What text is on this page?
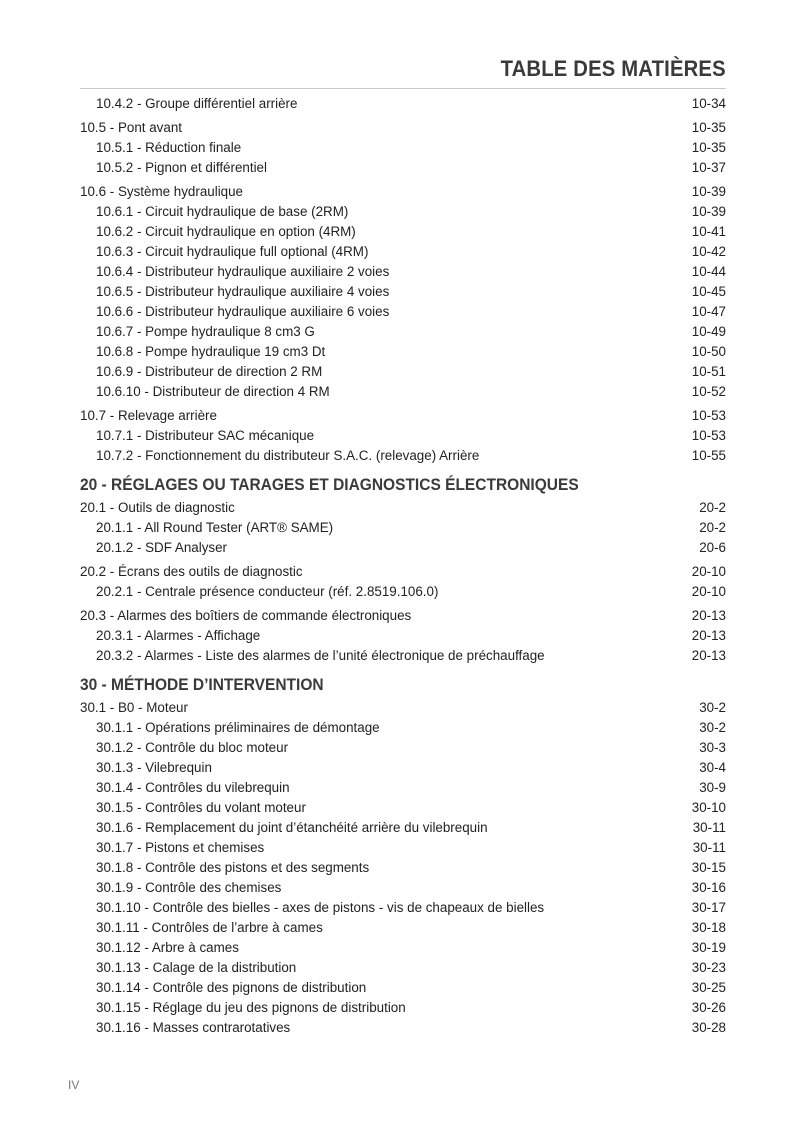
TABLE DES MATIÈRES
10.4.2 - Groupe différentiel arrière	10-34
10.5 - Pont avant	10-35
10.5.1 - Réduction finale	10-35
10.5.2 - Pignon et différentiel	10-37
10.6 - Système hydraulique	10-39
10.6.1 - Circuit hydraulique de base (2RM)	10-39
10.6.2 - Circuit hydraulique en option (4RM)	10-41
10.6.3 - Circuit hydraulique full optional (4RM)	10-42
10.6.4 - Distributeur hydraulique auxiliaire 2 voies	10-44
10.6.5 - Distributeur hydraulique auxiliaire 4 voies	10-45
10.6.6 - Distributeur hydraulique auxiliaire 6 voies	10-47
10.6.7 - Pompe hydraulique 8 cm3 G	10-49
10.6.8 - Pompe hydraulique 19 cm3 Dt	10-50
10.6.9 - Distributeur de direction 2 RM	10-51
10.6.10 - Distributeur de direction 4 RM	10-52
10.7 - Relevage arrière	10-53
10.7.1 - Distributeur SAC mécanique	10-53
10.7.2 - Fonctionnement du distributeur S.A.C. (relevage) Arrière	10-55
20 - RÉGLAGES OU TARAGES ET DIAGNOSTICS ÉLECTRONIQUES
20.1 - Outils de diagnostic	20-2
20.1.1 - All Round Tester (ART® SAME)	20-2
20.1.2 - SDF Analyser	20-6
20.2 - Écrans des outils de diagnostic	20-10
20.2.1 - Centrale présence conducteur (réf. 2.8519.106.0)	20-10
20.3 - Alarmes des boîtiers de commande électroniques	20-13
20.3.1 - Alarmes - Affichage	20-13
20.3.2 - Alarmes - Liste des alarmes de l’unité électronique de préchauffage	20-13
30 - MÉTHODE D’INTERVENTION
30.1 - B0 - Moteur	30-2
30.1.1 - Opérations préliminaires de démontage	30-2
30.1.2 - Contrôle du bloc moteur	30-3
30.1.3 - Vilebrequin	30-4
30.1.4 - Contrôles du vilebrequin	30-9
30.1.5 - Contrôles du volant moteur	30-10
30.1.6 - Remplacement du joint d’étanchéité arrière du vilebrequin	30-11
30.1.7 - Pistons et chemises	30-11
30.1.8 - Contrôle des pistons et des segments	30-15
30.1.9 - Contrôle des chemises	30-16
30.1.10 - Contrôle des bielles - axes de pistons - vis de chapeaux de bielles	30-17
30.1.11 - Contrôles de l’arbre à cames	30-18
30.1.12 - Arbre à cames	30-19
30.1.13 - Calage de la distribution	30-23
30.1.14 - Contrôle des pignons de distribution	30-25
30.1.15 - Réglage du jeu des pignons de distribution	30-26
30.1.16 - Masses contrarotatives	30-28
IV
